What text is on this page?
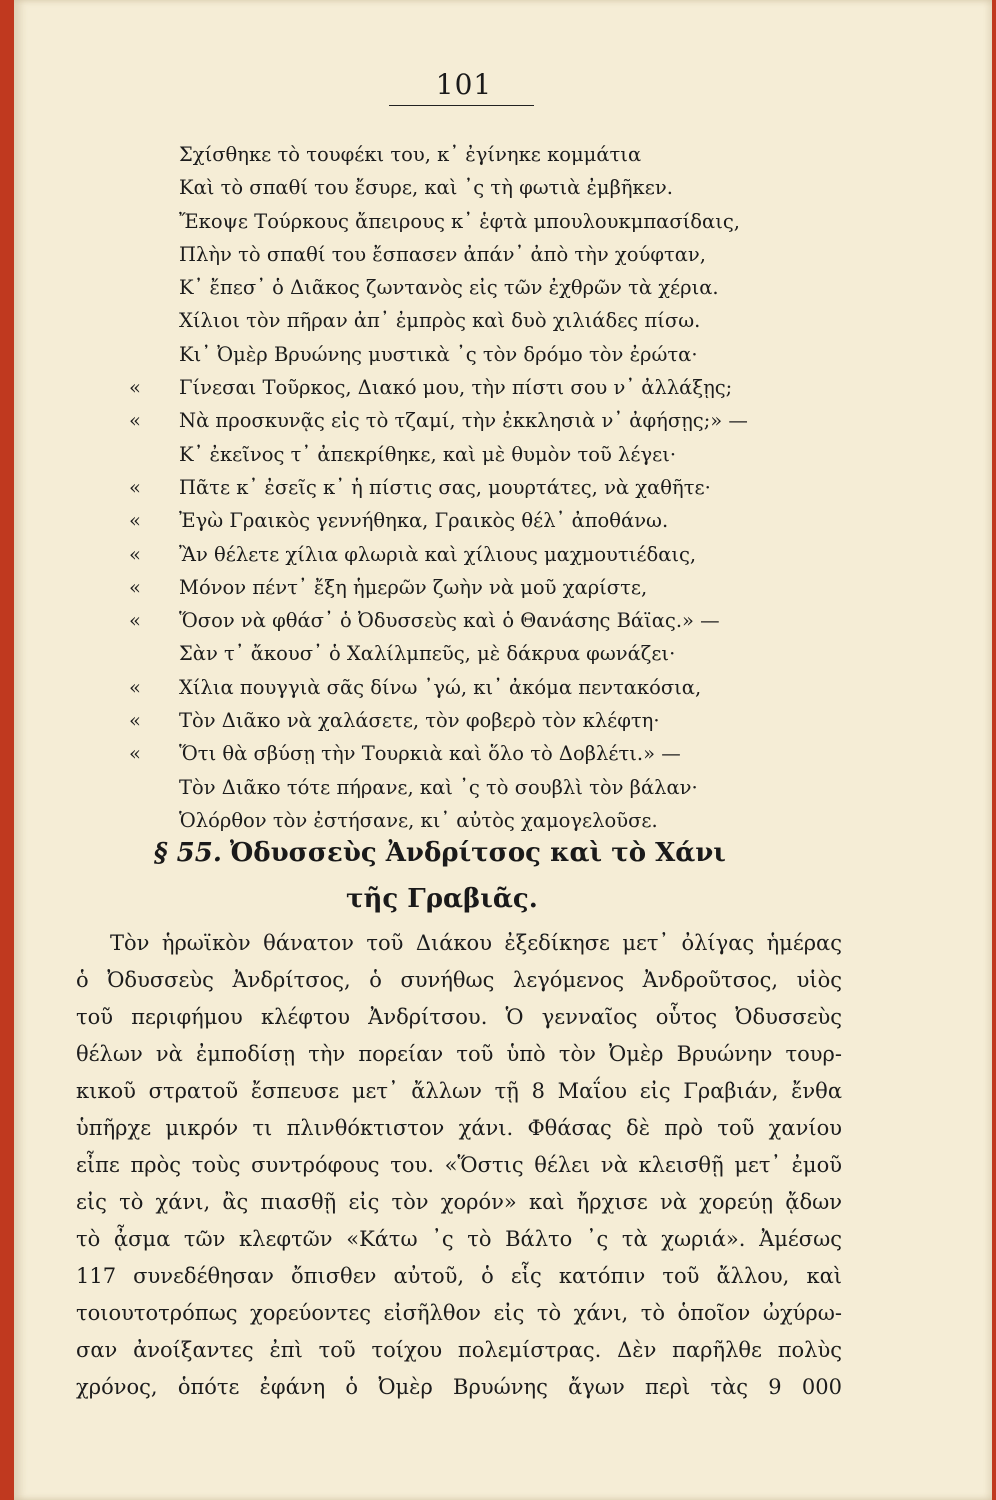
101
Σχίσθηκε τὸ τουφέκι του, κ᾽ ἐγίνηκε κομμάτια
Καὶ τὸ σπαθί του ἔσυρε, καὶ ᾽ς τὴ φωτιὰ ἐμβῆκεν.
Ἔκοψε Τούρκους ἄπειρους κ᾽ ἑφτὰ μπουλουκμπασίδαις,
Πλὴν τὸ σπαθί του ἔσπασεν ἀπάν᾽ ἀπὸ τὴν χούφταν,
Κ᾽ ἔπεσ᾽ ὁ Διᾶκος ζωντανὸς εἰς τῶν ἐχθρῶν τὰ χέρια.
Χίλιοι τὸν πῆραν ἀπ᾽ ἐμπρὸς καὶ δυὸ χιλιάδες πίσω.
Κι᾽ Ὀμὲρ Βρυώνης μυστικὰ ᾽ς τὸν δρόμο τὸν ἐρώτα·
« Γίνεσαι Τοῦρκος, Διακό μου, τὴν πίστι σου ν᾽ ἀλλάξῃς;
« Νὰ προσκυνᾷς εἰς τὸ τζαμί, τὴν ἐκκλησιὰ ν᾽ ἀφήσῃς;» —
Κ᾽ ἐκεῖνος τ᾽ ἀπεκρίθηκε, καὶ μὲ θυμὸν τοῦ λέγει·
« Πᾶτε κ᾽ ἐσεῖς κ᾽ ἡ πίστις σας, μουρτάτες, νὰ χαθῆτε·
« Ἐγὼ Γραικὸς γεννήθηκα, Γραικὸς θέλ᾽ ἀποθάνω.
« Ἂν θέλετε χίλια φλωριὰ καὶ χίλιους μαχμουτιέδαις,
« Μόνον πέντ᾽ ἔξη ἡμερῶν ζωὴν νὰ μοῦ χαρίστε,
« Ὅσον νὰ φθάσ᾽ ὁ Ὀδυσσεὺς καὶ ὁ Θανάσης Βάϊας.» —
Σὰν τ᾽ ἄκουσ᾽ ὁ Χαλίλμπεῦς, μὲ δάκρυα φωνάζει·
« Χίλια πουγγιὰ σᾶς δίνω ᾽γώ, κι᾽ ἀκόμα πεντακόσια,
« Τὸν Διᾶκο νὰ χαλάσετε, τὸν φοβερὸ τὸν κλέφτη·
« Ὅτι θὰ σβύσῃ τὴν Τουρκιὰ καὶ ὅλο τὸ Δοβλέτι.» —
Τὸν Διᾶκο τότε πήρανε, καὶ ᾽ς τὸ σουβλὶ τὸν βάλαν·
Ὁλόρθον τὸν ἐστήσανε, κι᾽ αὐτὸς χαμογελοῦσε.
§ 55. Ὀδυσσεὺς Ἀνδρίτσος καὶ τὸ Χάνι
τῆς Γραβιᾶς.
Τὸν ἡρωϊκὸν θάνατον τοῦ Διάκου ἐξεδίκησε μετ᾽ ὀλίγας ἡμέρας
ὁ Ὀδυσσεὺς Ἀνδρίτσος, ὁ συνήθως λεγόμενος Ἀνδροῦτσος, υἱὸς
τοῦ περιφήμου κλέφτου Ἀνδρίτσου. Ὁ γενναῖος οὗτος Ὀδυσσεὺς
θέλων νὰ ἐμποδίσῃ τὴν πορείαν τοῦ ὑπὸ τὸν Ὀμὲρ Βρυώνην τουρ-
κικοῦ στρατοῦ ἔσπευσε μετ᾽ ἄλλων τῇ 8 Μαΐου εἰς Γραβιάν, ἔνθα
ὑπῆρχε μικρόν τι πλινθόκτιστον χάνι. Φθάσας δὲ πρὸ τοῦ χανίου
εἶπε πρὸς τοὺς συντρόφους του. «Ὅστις θέλει νὰ κλεισθῇ μετ᾽ ἐμοῦ
εἰς τὸ χάνι, ἂς πιασθῇ εἰς τὸν χορόν» καὶ ἤρχισε νὰ χορεύῃ ᾄδων
τὸ ᾆσμα τῶν κλεφτῶν «Κάτω ᾽ς τὸ Βάλτο ᾽ς τὰ χωριά». Ἀμέσως
117 συνεδέθησαν ὄπισθεν αὐτοῦ, ὁ εἷς κατόπιν τοῦ ἄλλου, καὶ
τοιουτοτρόπως χορεύοντες εἰσῆλθον εἰς τὸ χάνι, τὸ ὁποῖον ὠχύρω-
σαν ἀνοίξαντες ἐπὶ τοῦ τοίχου πολεμίστρας. Δὲν παρῆλθε πολὺς
χρόνος, ὁπότε ἐφάνη ὁ Ὀμὲρ Βρυώνης ἄγων περὶ τὰς 9 000
